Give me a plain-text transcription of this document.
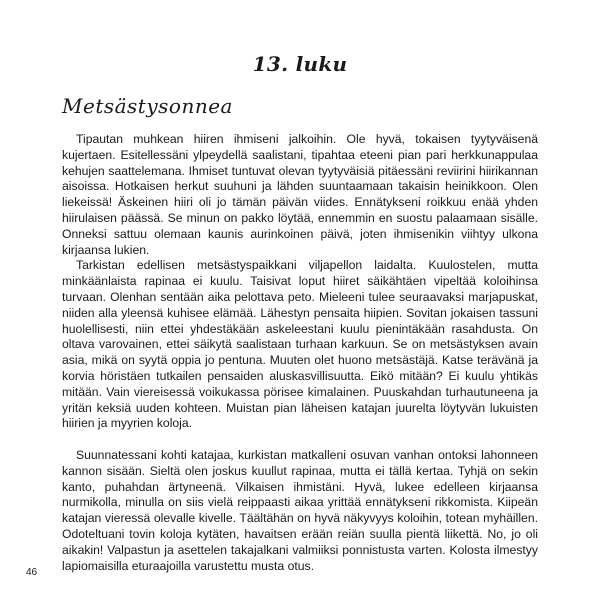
13. luku
Metsästysonnea

Tipautan muhkean hiiren ihmiseni jalkoihin. Ole hyvä, tokaisen tyytyväisenä kujertaen. Esitellessäni ylpeydellä saalistani, tipahtaa eteeni pian pari herkkunappulaa kehujen saattelemana. Ihmiset tuntuvat olevan tyytyväisiä pitäessäni reviirini hiirikannan aisoissa. Hotkaisen herkut suuhuni ja lähden suuntaamaan takaisin heinikkoon. Olen liekeissä! Äskeinen hiiri oli jo tämän päivän viides. Ennätykseni roikkuu enää yhden hiirulaisen päässä. Se minun on pakko löytää, ennemmin en suostu palaamaan sisälle. Onneksi sattuu olemaan kaunis aurinkoinen päivä, joten ihmisenikin viihtyy ulkona kirjaansa lukien.

Tarkistan edellisen metsästyspaikkani viljapellon laidalta. Kuulostelen, mutta minkäänlaista rapinaa ei kuulu. Taisivat loput hiiret säikähtäen vipeltää koloihinsa turvaan. Olenhan sentään aika pelottava peto. Mieleeni tulee seuraavaksi marjapuskat, niiden alla yleensä kuhisee elämää. Lähestyn pensaita hiipien. Sovitan jokaisen tassuni huolellisesti, niin ettei yhdestäkään askeleestani kuulu pienintäkään rasahdusta. On oltava varovainen, ettei säikytä saalistaan turhaan karkuun. Se on metsästyksen avain asia, mikä on syytä oppia jo pentuna. Muuten olet huono metsästäjä. Katse terävänä ja korvia höristäen tutkailen pensaiden aluskasvillisuutta. Eikö mitään? Ei kuulu yhtikäs mitään. Vain viereisessä voikukassa pörisee kimalainen. Puuskahdan turhautuneena ja yritän keksiä uuden kohteen. Muistan pian läheisen katajan juurelta löytyvän lukuisten hiirien ja myyrien koloja.

Suunnatessani kohti katajaa, kurkistan matkalleni osuvan vanhan ontoksi lahonneen kannon sisään. Sieltä olen joskus kuullut rapinaa, mutta ei tällä kertaa. Tyhjä on sekin kanto, puhahdan ärtyneenä. Vilkaisen ihmistäni. Hyvä, lukee edelleen kirjaansa nurmikolla, minulla on siis vielä reippaasti aikaa yrittää ennätykseni rikkomista. Kiipeän katajan vieressä olevalle kivelle. Täältähän on hyvä näkyvyys koloihin, totean myhäillen. Odoteltuani tovin koloja kytäten, havaitsen erään reiän suulla pientä liikettä. No, jo oli aikakin! Valpastun ja asettelen takajalkani valmiiksi ponnistusta varten. Kolosta ilmestyy lapiomaisilla eturaajoilla varustettu musta otus.

46
